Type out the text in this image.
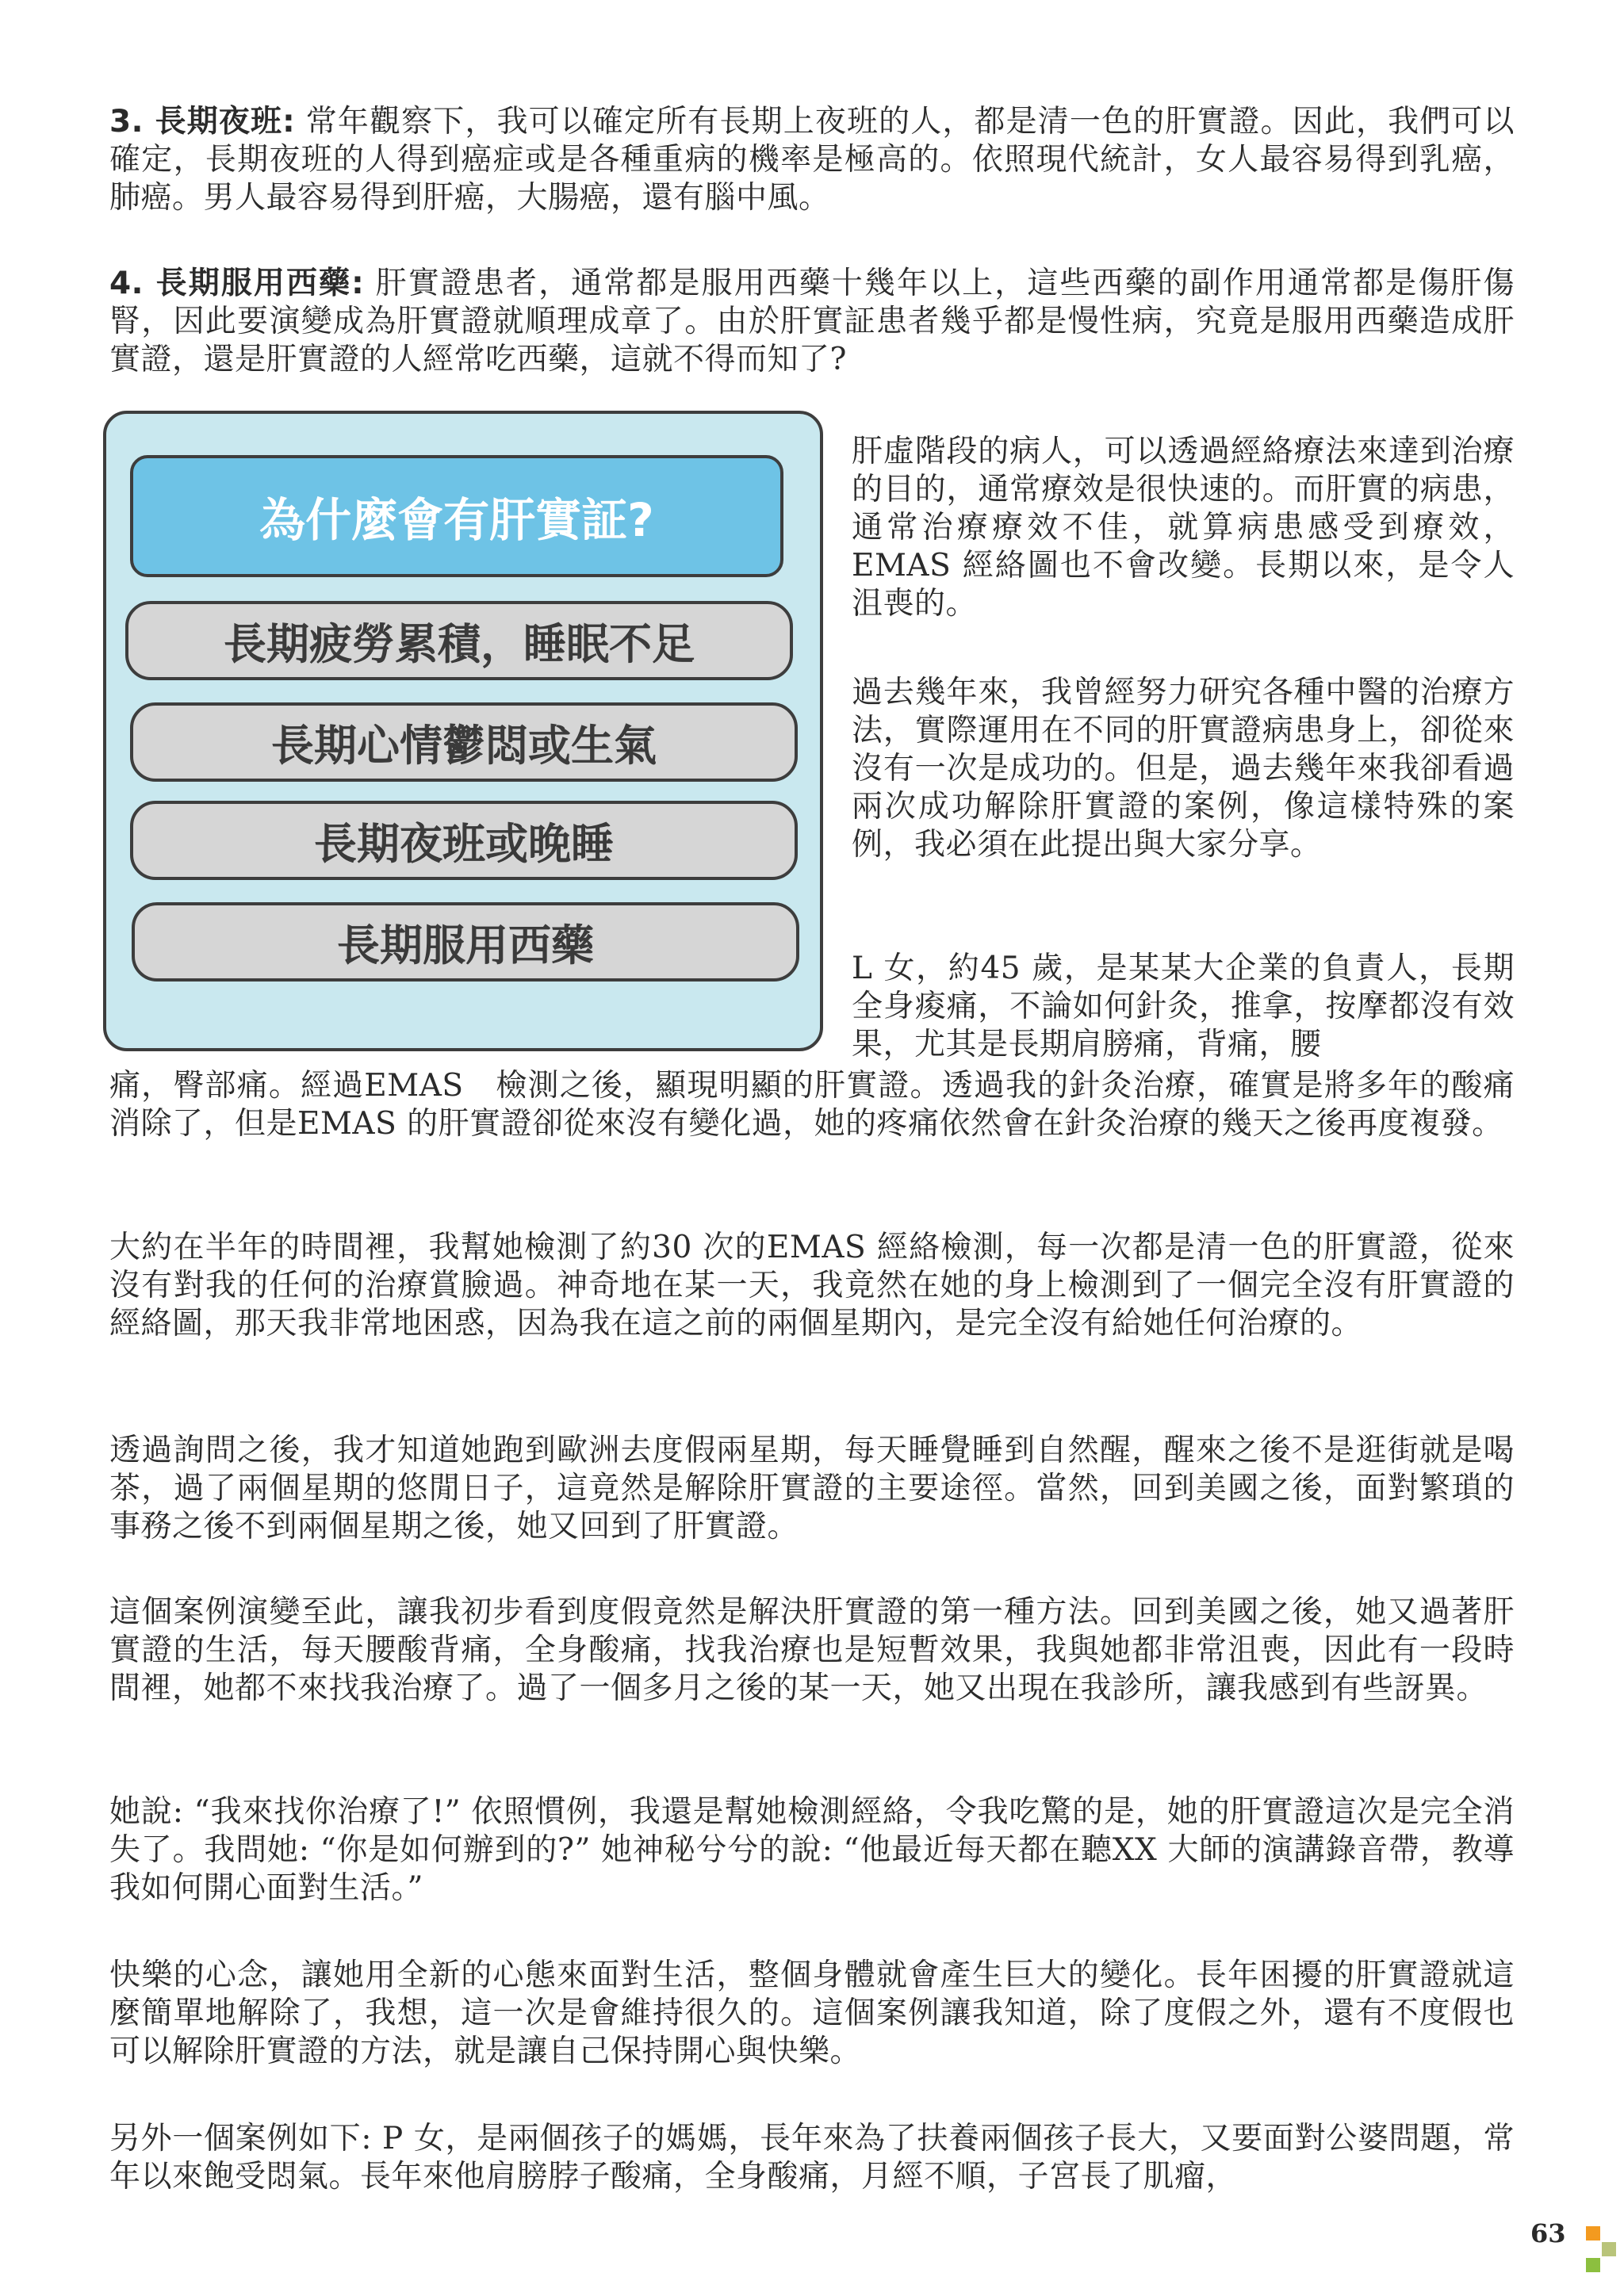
3. 長期夜班: 常年觀察下，我可以確定所有長期上夜班的人，都是清一色的肝實證。因此，我們可以確定，長期夜班的人得到癌症或是各種重病的機率是極高的。依照現代統計，女人最容易得到乳癌，肺癌。男人最容易得到肝癌，大腸癌，還有腦中風。

4. 長期服用西藥: 肝實證患者，通常都是服用西藥十幾年以上，這些西藥的副作用通常都是傷肝傷腎，因此要演變成為肝實證就順理成章了。由於肝實証患者幾乎都是慢性病，究竟是服用西藥造成肝實證，還是肝實證的人經常吃西藥，這就不得而知了?

為什麼會有肝實証?
長期疲勞累積，睡眠不足
長期心情鬱悶或生氣
長期夜班或晚睡
長期服用西藥

肝虛階段的病人，可以透過經絡療法來達到治療的目的，通常療效是很快速的。而肝實的病患，通常治療療效不佳，就算病患感受到療效，EMAS 經絡圖也不會改變。長期以來，是令人沮喪的。

過去幾年來，我曾經努力研究各種中醫的治療方法，實際運用在不同的肝實證病患身上，卻從來沒有一次是成功的。但是，過去幾年來我卻看過兩次成功解除肝實證的案例，像這樣特殊的案例，我必須在此提出與大家分享。

L 女，約45 歲，是某某大企業的負責人，長期全身痠痛，不論如何針灸，推拿，按摩都沒有效果，尤其是長期肩膀痛，背痛，腰

痛，臀部痛。經過EMAS　檢測之後，顯現明顯的肝實證。透過我的針灸治療，確實是將多年的酸痛消除了，但是EMAS 的肝實證卻從來沒有變化過，她的疼痛依然會在針灸治療的幾天之後再度複發。

大約在半年的時間裡，我幫她檢測了約30 次的EMAS 經絡檢測，每一次都是清一色的肝實證，從來沒有對我的任何的治療賞臉過。神奇地在某一天，我竟然在她的身上檢測到了一個完全沒有肝實證的經絡圖，那天我非常地困惑，因為我在這之前的兩個星期內，是完全沒有給她任何治療的。

透過詢問之後，我才知道她跑到歐洲去度假兩星期，每天睡覺睡到自然醒，醒來之後不是逛街就是喝茶，過了兩個星期的悠閒日子，這竟然是解除肝實證的主要途徑。當然，回到美國之後，面對繁瑣的事務之後不到兩個星期之後，她又回到了肝實證。

這個案例演變至此，讓我初步看到度假竟然是解決肝實證的第一種方法。回到美國之後，她又過著肝實證的生活，每天腰酸背痛，全身酸痛，找我治療也是短暫效果，我與她都非常沮喪，因此有一段時間裡，她都不來找我治療了。過了一個多月之後的某一天，她又出現在我診所，讓我感到有些訝異。

她說: “我來找你治療了!” 依照慣例，我還是幫她檢測經絡，令我吃驚的是，她的肝實證這次是完全消失了。我問她: “你是如何辦到的?” 她神秘兮兮的說: “他最近每天都在聽XX 大師的演講錄音帶，教導我如何開心面對生活。”

快樂的心念，讓她用全新的心態來面對生活，整個身體就會產生巨大的變化。長年困擾的肝實證就這麼簡單地解除了，我想，這一次是會維持很久的。這個案例讓我知道，除了度假之外，還有不度假也可以解除肝實證的方法，就是讓自己保持開心與快樂。

另外一個案例如下: P 女，是兩個孩子的媽媽，長年來為了扶養兩個孩子長大，又要面對公婆問題，常年以來飽受悶氣。長年來他肩膀脖子酸痛，全身酸痛，月經不順，子宮長了肌瘤，

63
